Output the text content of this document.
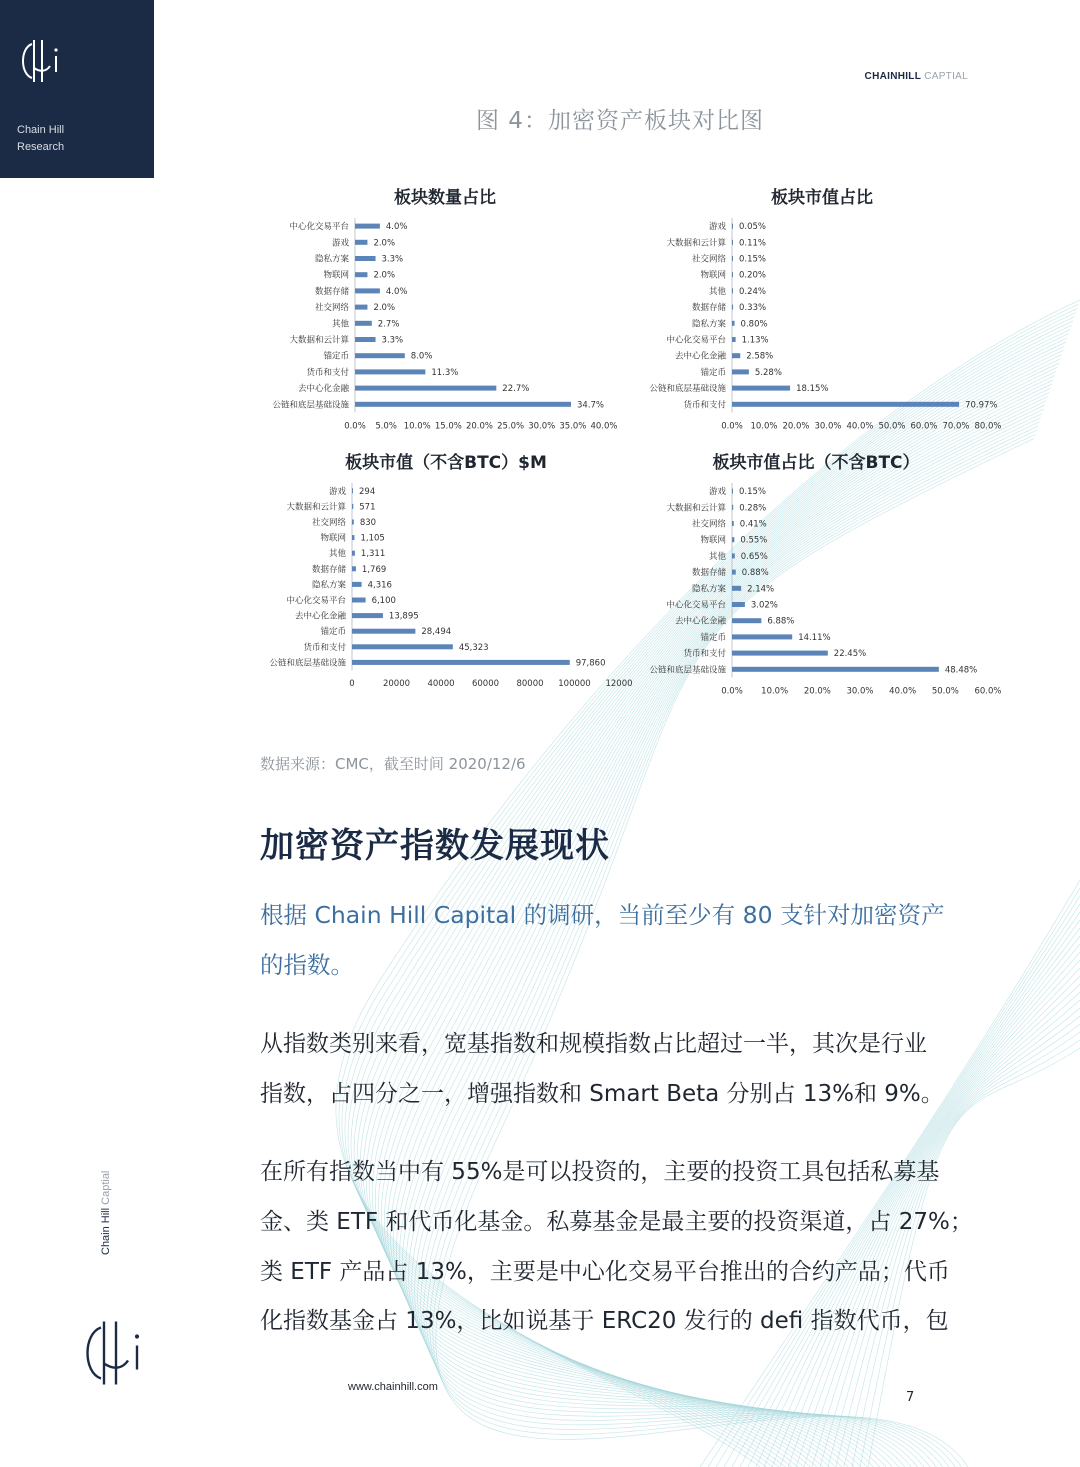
Chain Hill
Research
CHAINHILL CAPTIAL
图 4：加密资产板块对比图
板块数量占比
中心化交易平台	4.0%
游戏	2.0%
隐私方案	3.3%
物联网	2.0%
数据存储	4.0%
社交网络	2.0%
其他	2.7%
大数据和云计算	3.3%
锚定币	8.0%
货币和支付	11.3%
去中心化金融	22.7%
公链和底层基础设施	34.7%
0.0% 5.0% 10.0% 15.0% 20.0% 25.0% 30.0% 35.0% 40.0%
板块市值占比
游戏 0.05%
大数据和云计算 0.11%
社交网络 0.15%
物联网 0.20%
其他 0.24%
数据存储 0.33%
隐私方案 0.80%
中心化交易平台 1.13%
去中心化金融 2.58%
锚定币	5.28%
公链和底层基础设施	18.15%
货币和支付	70.97%
0.0% 10.0% 20.0% 30.0% 40.0% 50.0% 60.0% 70.0% 80.0%
板块市值（不含BTC）$M
游戏 294
大数据和云计算 571
社交网络 830
物联网 1,105
其他 1,311
数据存储 1,769
隐私方案	4,316
中心化交易平台	6,100
去中心化金融	13,895
锚定币	28,494
货币和支付	45,323
公链和底层基础设施	97,860
0	20000 40000 60000 80000 100000 12000
板块市值占比（不含BTC）
游戏 0.15%
大数据和云计算 0.28%
社交网络 0.41%
物联网 0.55%
其他 0.65%
数据存储 0.88%
隐私方案 2.14%
中心化交易平台	3.02%
去中心化金融	6.88%
锚定币	14.11%
货币和支付	22.45%
公链和底层基础设施	48.48%
0.0% 10.0% 20.0% 30.0% 40.0% 50.0% 60.0%
数据来源：CMC，截至时间 2020/12/6
加密资产指数发展现状
根据 Chain Hill Capital 的调研，当前至少有 80 支针对加密资产
的指数。
从指数类别来看，宽基指数和规模指数占比超过一半，其次是行业
指数，占四分之一，增强指数和 Smart Beta 分别占 13%和 9%。
在所有指数当中有 55%是可以投资的，主要的投资工具包括私募基
金、类 ETF 和代币化基金。私募基金是最主要的投资渠道，占 27%；
类 ETF 产品占 13%，主要是中心化交易平台推出的合约产品；代币
化指数基金占 13%，比如说基于 ERC20 发行的 defi 指数代币，包
Chain Hill Captial
www.chainhill.com
7
